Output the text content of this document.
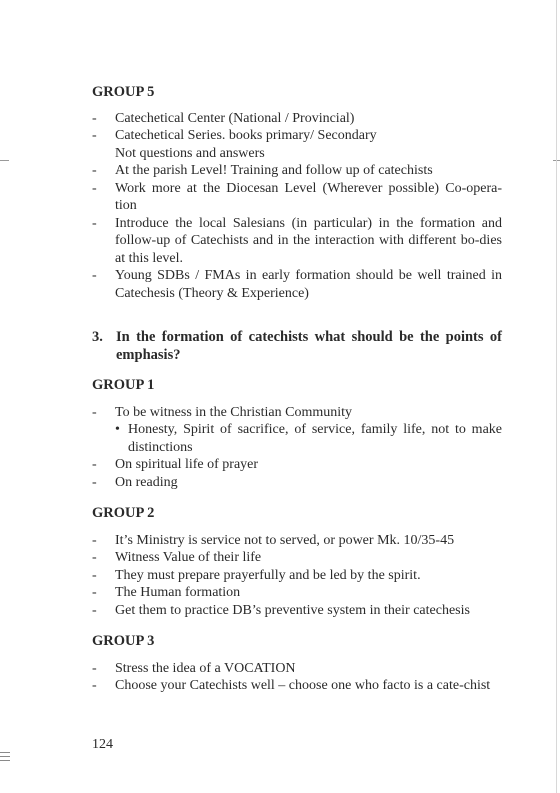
GROUP 5

- Catechetical Center (National / Provincial)
- Catechetical Series. books primary/ Secondary
Not questions and answers
- At the parish Level! Training and follow up of catechists
- Work more at the Diocesan Level (Wherever possible) Co-opera-tion
- Introduce the local Salesians (in particular) in the formation and follow-up of Catechists and in the interaction with different bo-dies at this level.
- Young SDBs / FMAs in early formation should be well trained in Catechesis (Theory & Experience)
3. In the formation of catechists what should be the points of emphasis?

GROUP 1

- To be witness in the Christian Community
• Honesty, Spirit of sacrifice, of service, family life, not to make distinctions
- On spiritual life of prayer
- On reading

GROUP 2

- It’s Ministry is service not to served, or power Mk. 10/35-45
- Witness Value of their life
- They must prepare prayerfully and be led by the spirit.
- The Human formation
- Get them to practice DB’s preventive system in their catechesis

GROUP 3

- Stress the idea of a VOCATION
- Choose your Catechists well – choose one who facto is a cate-chist
124
